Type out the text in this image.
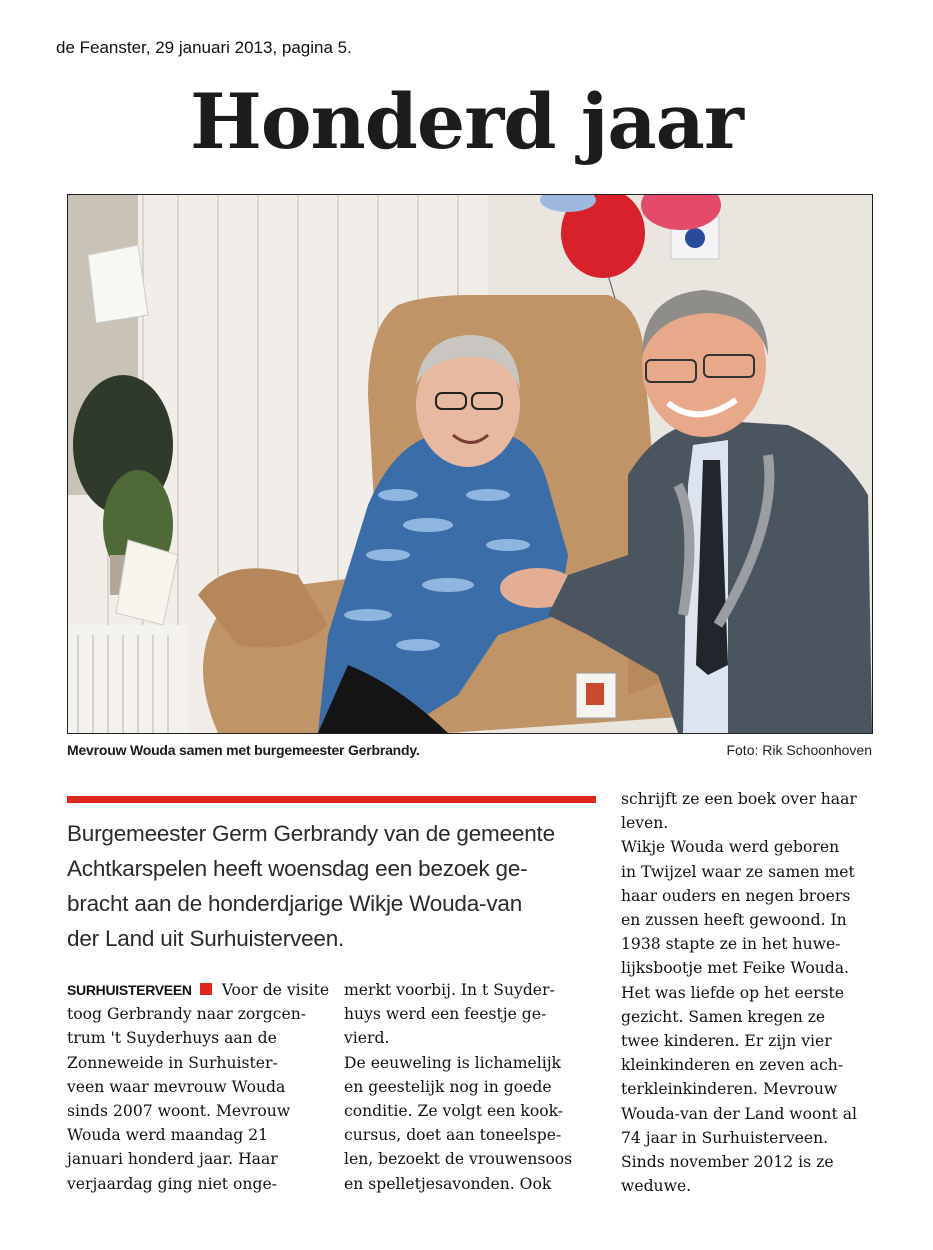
de Feanster, 29 januari 2013, pagina 5.
Honderd jaar
Mevrouw Wouda samen met burgemeester Gerbrandy.	Foto: Rik Schoonhoven
Burgemeester Germ Gerbrandy van de gemeente
Achtkarspelen heeft woensdag een bezoek ge-
bracht aan de honderdjarige Wikje Wouda-van
der Land uit Surhuisterveen.
SURHUISTERVEEN Voor de visite
toog Gerbrandy naar zorgcen-
trum 't Suyderhuys aan de
Zonneweide in Surhuister-
veen waar mevrouw Wouda
sinds 2007 woont. Mevrouw
Wouda werd maandag 21
januari honderd jaar. Haar
verjaardag ging niet onge-
merkt voorbij. In t Suyder-
huys werd een feestje ge-
vierd.
De eeuweling is lichamelijk
en geestelijk nog in goede
conditie. Ze volgt een kook-
cursus, doet aan toneelspe-
len, bezoekt de vrouwensoos
en spelletjesavonden. Ook
schrijft ze een boek over haar
leven.
Wikje Wouda werd geboren
in Twijzel waar ze samen met
haar ouders en negen broers
en zussen heeft gewoond. In
1938 stapte ze in het huwe-
lijksbootje met Feike Wouda.
Het was liefde op het eerste
gezicht. Samen kregen ze
twee kinderen. Er zijn vier
kleinkinderen en zeven ach-
terkleinkinderen. Mevrouw
Wouda-van der Land woont al
74 jaar in Surhuisterveen.
Sinds november 2012 is ze
weduwe.
